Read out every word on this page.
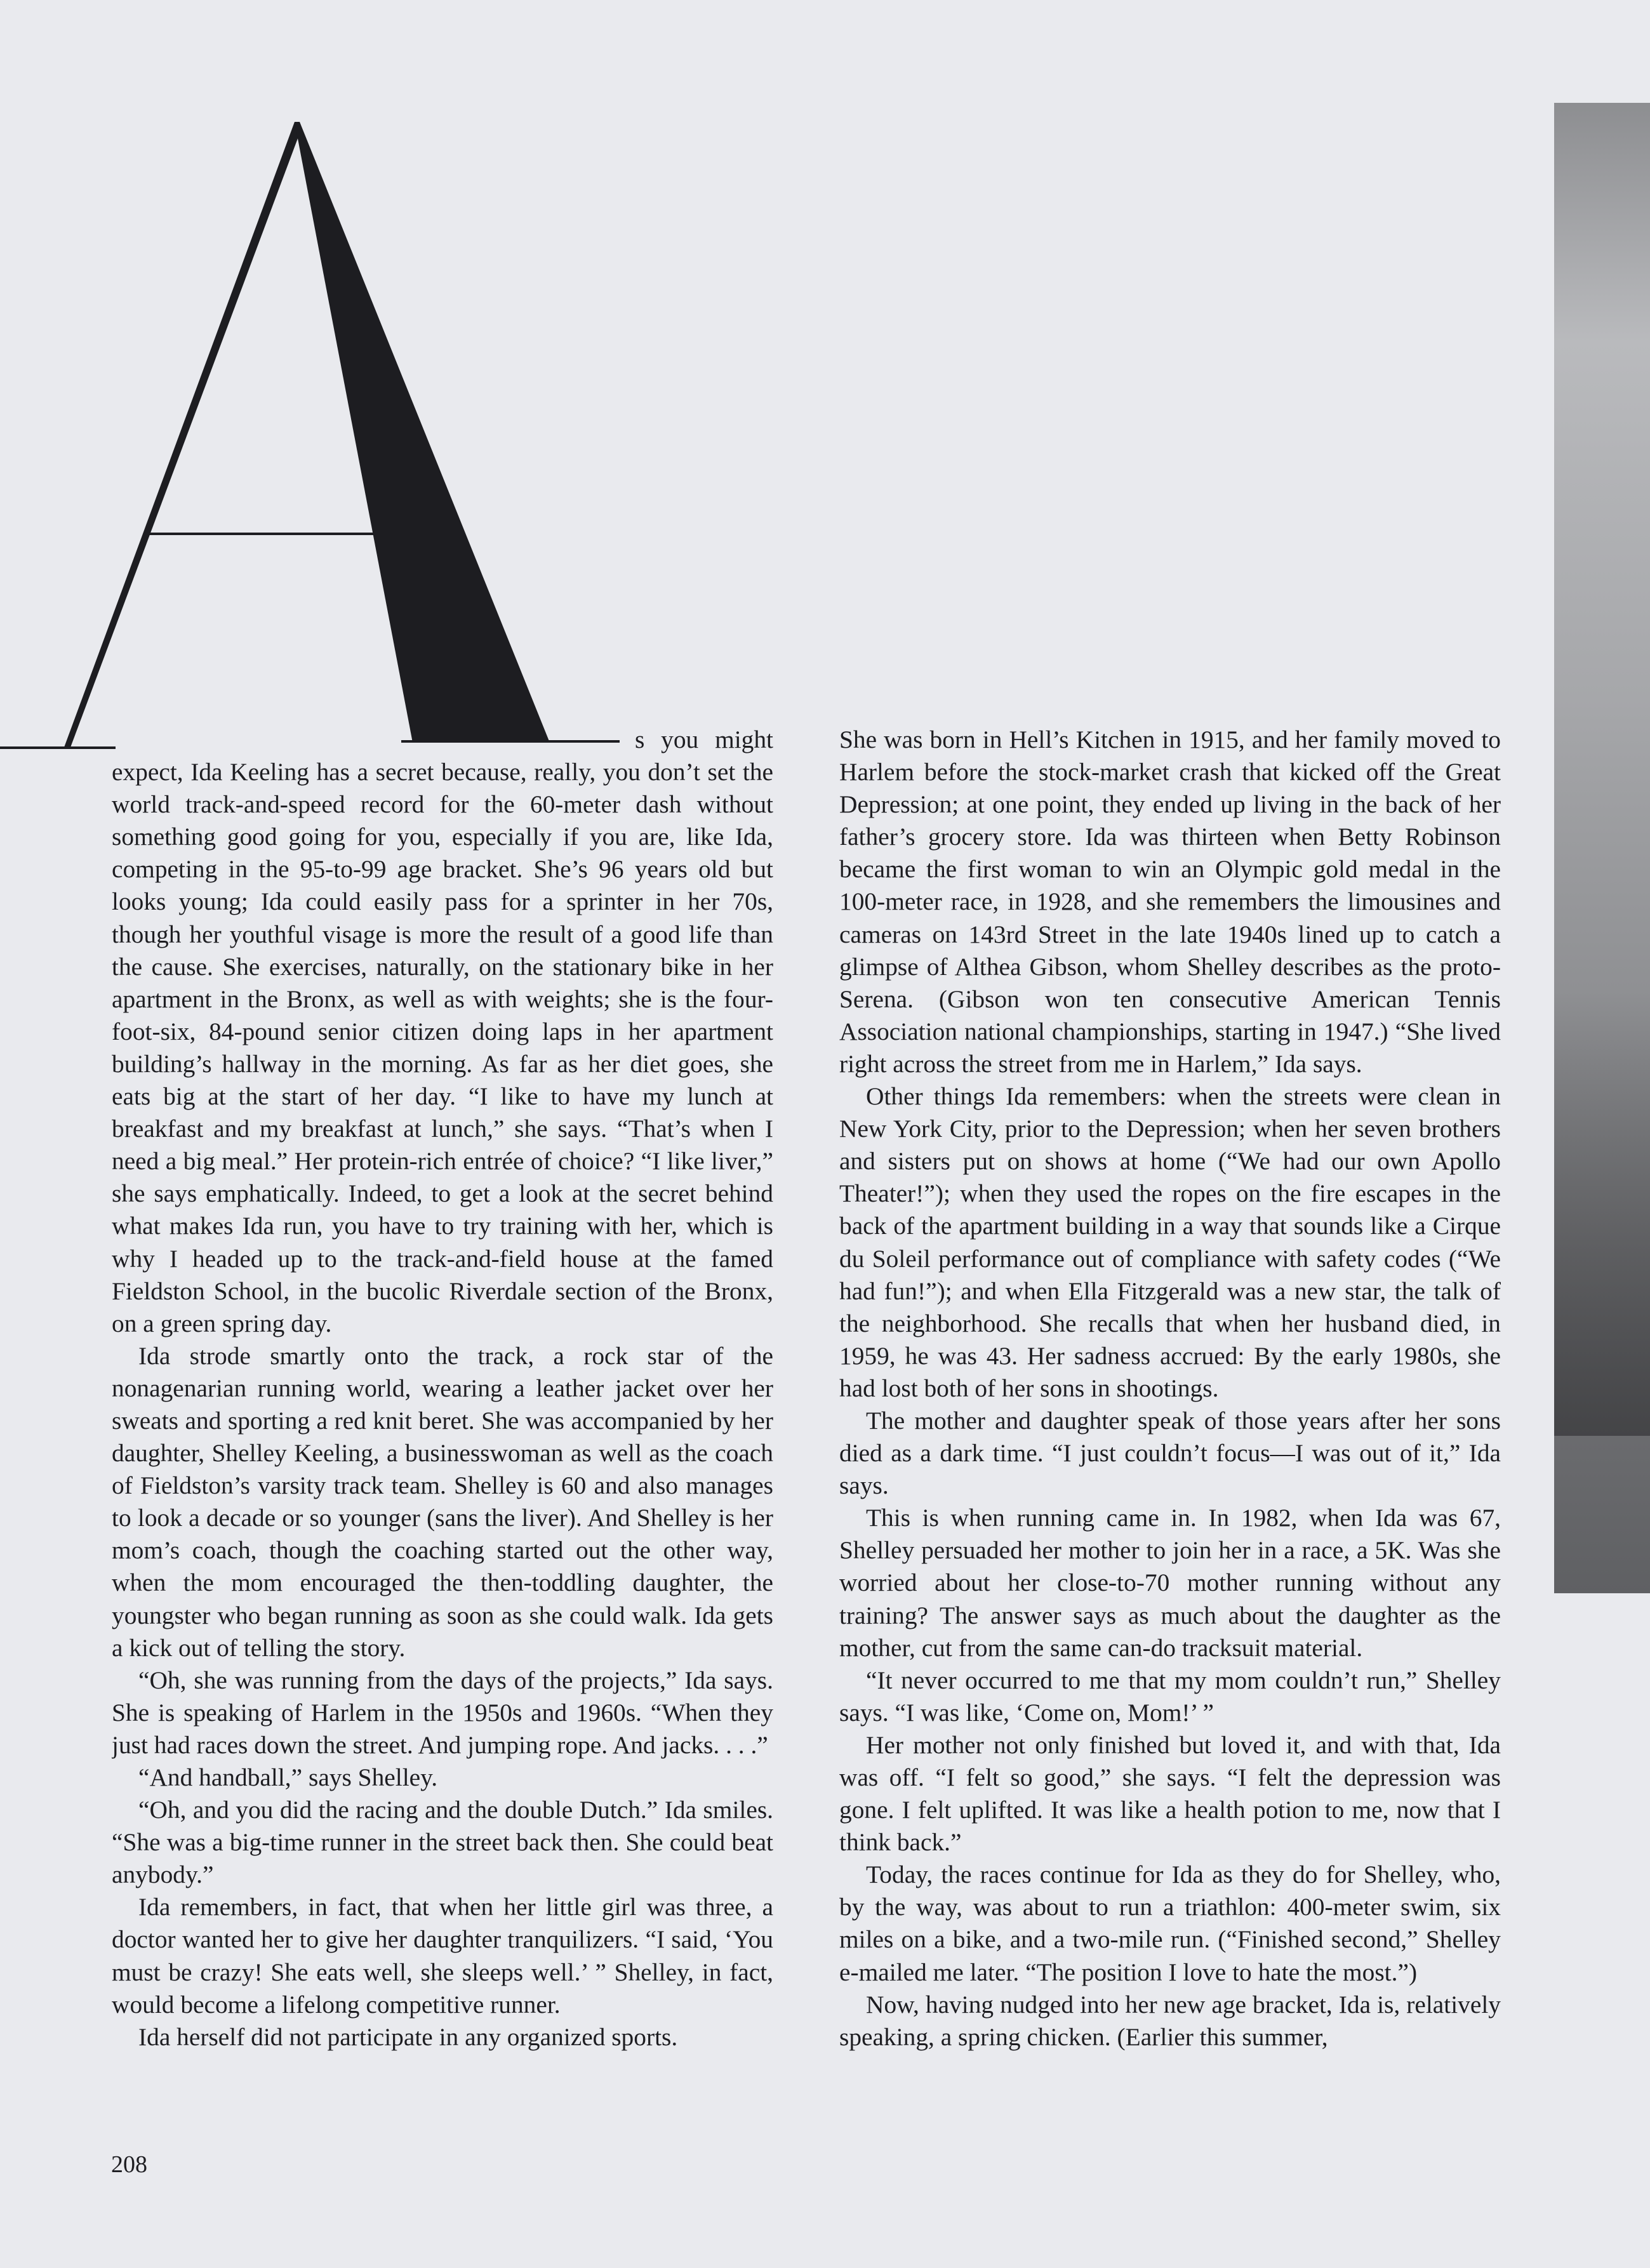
s you might expect, Ida Keeling has a secret because, really, you don’t set the world track-and-speed record for the 60-meter dash without something good going for you, especially if you are, like Ida, competing in the 95-to-99 age bracket. She’s 96 years old but looks young; Ida could easily pass for a sprinter in her 70s, though her youthful visage is more the result of a good life than the cause. She exercises, naturally, on the stationary bike in her apartment in the Bronx, as well as with weights; she is the four-foot-six, 84-pound senior citizen doing laps in her apartment building’s hallway in the morning. As far as her diet goes, she eats big at the start of her day. “I like to have my lunch at breakfast and my breakfast at lunch,” she says. “That’s when I need a big meal.” Her protein-rich entrée of choice? “I like liver,” she says emphatically. Indeed, to get a look at the secret behind what makes Ida run, you have to try training with her, which is why I headed up to the track-and-field house at the famed Fieldston School, in the bucolic Riverdale section of the Bronx, on a green spring day.

Ida strode smartly onto the track, a rock star of the nonagenarian running world, wearing a leather jacket over her sweats and sporting a red knit beret. She was accompanied by her daughter, Shelley Keeling, a businesswoman as well as the coach of Fieldston’s varsity track team. Shelley is 60 and also manages to look a decade or so younger (sans the liver). And Shelley is her mom’s coach, though the coaching started out the other way, when the mom encouraged the then-toddling daughter, the youngster who began running as soon as she could walk. Ida gets a kick out of telling the story.

“Oh, she was running from the days of the projects,” Ida says. She is speaking of Harlem in the 1950s and 1960s. “When they just had races down the street. And jumping rope. And jacks. . . .”

“And handball,” says Shelley.

“Oh, and you did the racing and the double Dutch.” Ida smiles. “She was a big-time runner in the street back then. She could beat anybody.”

Ida remembers, in fact, that when her little girl was three, a doctor wanted her to give her daughter tranquilizers. “I said, ‘You must be crazy! She eats well, she sleeps well.’ ” Shelley, in fact, would become a lifelong competitive runner.

Ida herself did not participate in any organized sports.

She was born in Hell’s Kitchen in 1915, and her family moved to Harlem before the stock-market crash that kicked off the Great Depression; at one point, they ended up living in the back of her father’s grocery store. Ida was thirteen when Betty Robinson became the first woman to win an Olympic gold medal in the 100-meter race, in 1928, and she remembers the limousines and cameras on 143rd Street in the late 1940s lined up to catch a glimpse of Althea Gibson, whom Shelley describes as the proto-Serena. (Gibson won ten consecutive American Tennis Association national championships, starting in 1947.) “She lived right across the street from me in Harlem,” Ida says.

Other things Ida remembers: when the streets were clean in New York City, prior to the Depression; when her seven brothers and sisters put on shows at home (“We had our own Apollo Theater!”); when they used the ropes on the fire escapes in the back of the apartment building in a way that sounds like a Cirque du Soleil performance out of compliance with safety codes (“We had fun!”); and when Ella Fitzgerald was a new star, the talk of the neighborhood. She recalls that when her husband died, in 1959, he was 43. Her sadness accrued: By the early 1980s, she had lost both of her sons in shootings.

The mother and daughter speak of those years after her sons died as a dark time. “I just couldn’t focus—I was out of it,” Ida says.

This is when running came in. In 1982, when Ida was 67, Shelley persuaded her mother to join her in a race, a 5K. Was she worried about her close-to-70 mother running without any training? The answer says as much about the daughter as the mother, cut from the same can-do tracksuit material.

“It never occurred to me that my mom couldn’t run,” Shelley says. “I was like, ‘Come on, Mom!’ ”

Her mother not only finished but loved it, and with that, Ida was off. “I felt so good,” she says. “I felt the depression was gone. I felt uplifted. It was like a health potion to me, now that I think back.”

Today, the races continue for Ida as they do for Shelley, who, by the way, was about to run a triathlon: 400-meter swim, six miles on a bike, and a two-mile run. (“Finished second,” Shelley e-mailed me later. “The position I love to hate the most.”)

Now, having nudged into her new age bracket, Ida is, relatively speaking, a spring chicken. (Earlier this summer,

208
